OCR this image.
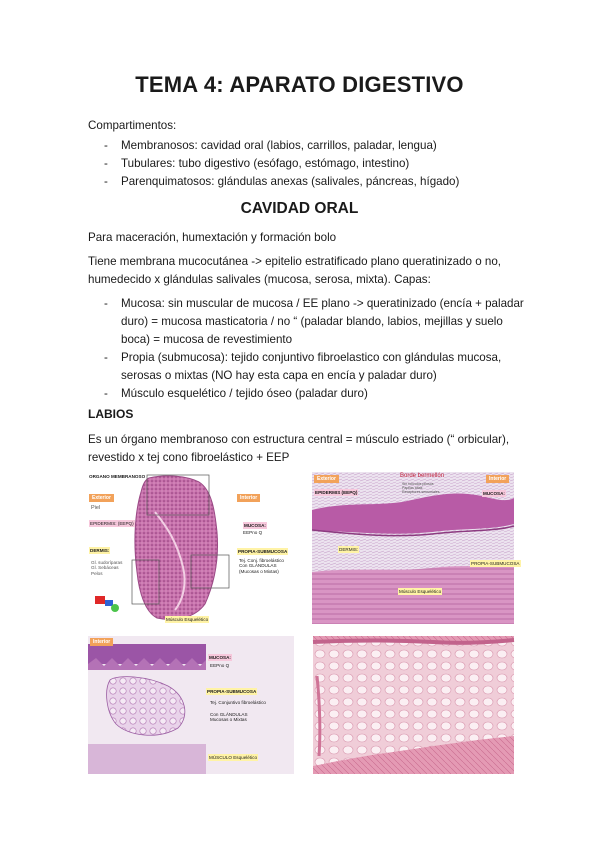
TEMA 4: APARATO DIGESTIVO

Compartimentos:

- Membranosos: cavidad oral (labios, carrillos, paladar, lengua)
- Tubulares: tubo digestivo (esófago, estómago, intestino)
- Parenquimatosos: glándulas anexas (salivales, páncreas, hígado)
CAVIDAD ORAL

Para maceración, humextación y formación bolo

Tiene membrana mucocutánea -> epitelio estratificado plano queratinizado o no, humedecido x glándulas salivales (mucosa, serosa, mixta). Capas:

- Mucosa: sin muscular de mucosa / EE plano -> queratinizado (encía + paladar duro) = mucosa masticatoria / no “ (paladar blando, labios, mejillas y suelo boca) = mucosa de revestimiento
- Propia (submucosa): tejido conjuntivo fibroelastico con glándulas mucosa, serosas o mixtas (NO hay esta capa en encía y paladar duro)
- Músculo esquelético / tejido óseo (paladar duro)
LABIOS

Es un órgano membranoso con estructura central = músculo estriado (“ orbicular), revestido x tej cono fibroelástico + EEP

ORGANO MEMBRANOSO
Exterior	Interior
Piel
EPIDERMIS: (EEPQ)
DERMIS:
Gl. sudoríparas
Gl. Sebáceas
Pelos
MUCOSA:
EEPno Q
PROPIA-SUBMUCOSA
Tej. Conj. fibroelástico
Con GLÁNDULAS
(Mucosas o Mixtas)
Músculo Esquelético
Exterior	Interior
Borde bermellón
Sin folículos pilosos
Papilas altas
Receptores sensoriales
EPIDERMIS (EEPQ)	MUCOSA:
DERMIS:
PROPIA-SUBMUCOSA
Músculo Esquelético
Interior
MUCOSA:
EEPno Q
PROPIA-SUBMUCOSA
Tej. Conjuntivo fibroelástico
Con GLÁNDULAS
Mucosas o Mixtas
MÚSCULO Esquelético
